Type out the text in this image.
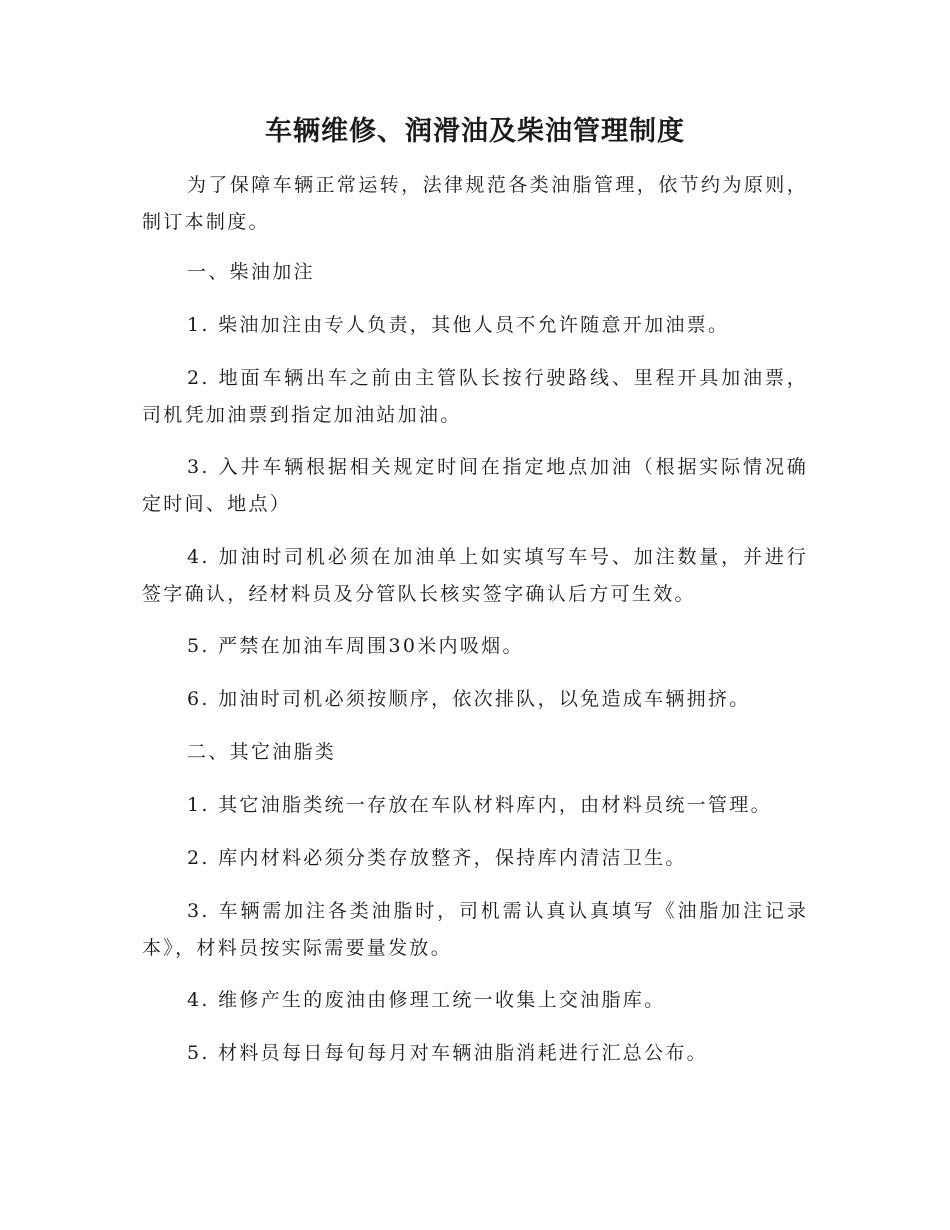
车辆维修、润滑油及柴油管理制度

为了保障车辆正常运转，法律规范各类油脂管理，依节约为原则，制订本制度。

一、柴油加注

1. 柴油加注由专人负责，其他人员不允许随意开加油票。

2. 地面车辆出车之前由主管队长按行驶路线、里程开具加油票，司机凭加油票到指定加油站加油。

3. 入井车辆根据相关规定时间在指定地点加油（根据实际情况确定时间、地点）

4. 加油时司机必须在加油单上如实填写车号、加注数量，并进行签字确认，经材料员及分管队长核实签字确认后方可生效。

5. 严禁在加油车周围30米内吸烟。

6. 加油时司机必须按顺序，依次排队，以免造成车辆拥挤。

二、其它油脂类

1. 其它油脂类统一存放在车队材料库内，由材料员统一管理。

2. 库内材料必须分类存放整齐，保持库内清洁卫生。

3. 车辆需加注各类油脂时，司机需认真认真填写《油脂加注记录本》，材料员按实际需要量发放。

4. 维修产生的废油由修理工统一收集上交油脂库。

5. 材料员每日每旬每月对车辆油脂消耗进行汇总公布。
